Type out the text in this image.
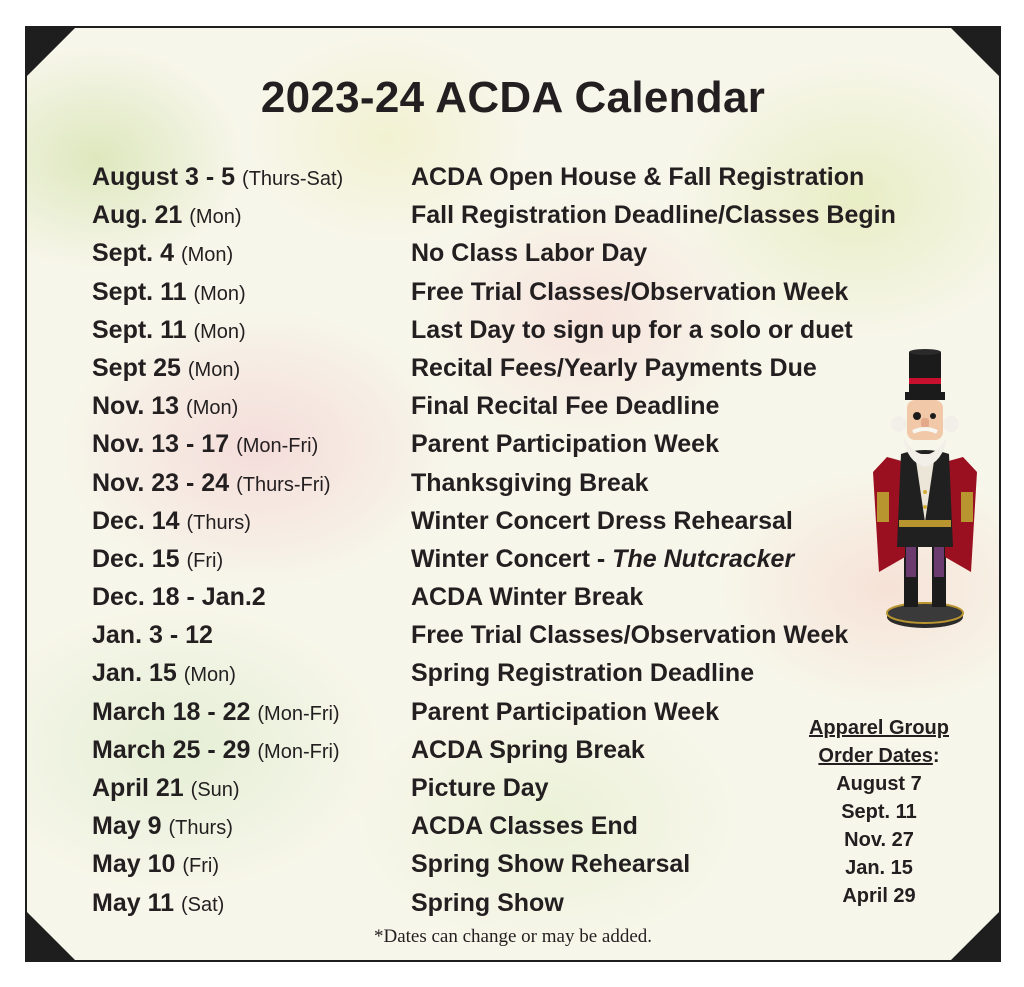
2023-24 ACDA Calendar
August 3 - 5 (Thurs-Sat)	ACDA Open House & Fall Registration
Aug. 21 (Mon)	Fall Registration Deadline/Classes Begin
Sept. 4 (Mon)	No Class Labor Day
Sept. 11 (Mon)	Free Trial Classes/Observation Week
Sept. 11 (Mon)	Last Day to sign up for a solo or duet
Sept 25 (Mon)	Recital Fees/Yearly Payments Due
Nov. 13 (Mon)	Final Recital Fee Deadline
Nov. 13 - 17 (Mon-Fri)	Parent Participation Week
Nov. 23 - 24 (Thurs-Fri)	Thanksgiving Break
Dec. 14 (Thurs)	Winter Concert Dress Rehearsal
Dec. 15 (Fri)	Winter Concert - The Nutcracker
Dec. 18 - Jan.2	ACDA Winter Break
Jan. 3 - 12	Free Trial Classes/Observation Week
Jan. 15 (Mon)	Spring Registration Deadline
March 18 - 22 (Mon-Fri)	Parent Participation Week
March 25 - 29 (Mon-Fri)	ACDA Spring Break
April 21 (Sun)	Picture Day
May 9 (Thurs)	ACDA Classes End
May 10 (Fri)	Spring Show Rehearsal
May 11 (Sat)	Spring Show
Apparel Group
Order Dates:
August 7
Sept. 11
Nov. 27
Jan. 15
April 29
*Dates can change or may be added.
